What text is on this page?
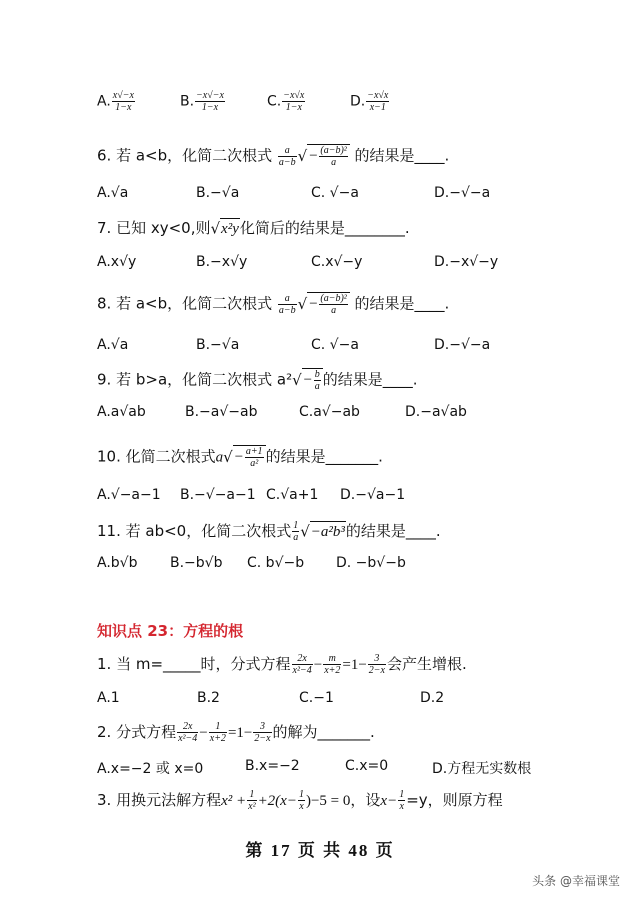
A. $\frac{x√-x}{1-x}$	B. $\frac{-x√-x}{1-x}$	C. $\frac{-x√x}{1-x}$	D. $\frac{-x√x}{x-1}$
6. 若 a<b，化简二次根式 $\frac{a}{a-b}$ √− $\frac{\text{(a−b)²}}{a}$ 的结果是____.
A.√a	B.−√a	C. √−a	D.−√−a
7. 已知 xy<0,则√x²y化简后的结果是________.
A.x√y	B.−x√y	C.x√−y	D.−x√−y
8. 若 a<b，化简二次根式 $\frac{a}{a-b}$ √− $\frac{\text{(a−b)²}}{a}$ 的结果是____.
A.√a	B.−√a	C. √−a	D.−√−a
9. 若 b>a，化简二次根式 $a^2√- \frac{b}{a}$ 的结果是____.
A.a√ab	B.−a√−ab	C.a√−ab	D.−a√ab
10. 化简二次根式$a√- \frac{a+1}{\text{a²}}$ 的结果是_______.
A.√−a−1 B.−√−a−1 C.√a+1 D.−√a−1
11. 若 ab<0，化简二次根式 $\frac{1}{a} √-a^2b^3$的结果是____.
A.b√b B.−b√b C. b√−b D. −b√−b
知识点 23：方程的根
1. 当 m=_____时，分式方程 $\frac{2x}{\text{x²−4}} - \frac{m}{x+2} =1- \frac{3}{2-x}$ 会产生增根.
A.1	B.2	C.−1	D.2
2. 分式方程 $\frac{2x}{\text{x²−4}} - \frac{1}{x+2} =1- \frac{3}{2-x}$ 的解为_______.
A.x=−2 或 x=0	B.x=−2	C.x=0	D.方程无实数根
3. 用换元法解方程$x^2 + \frac{1}{\text{x²}} +2(x- \frac{1}{x} )-5 = 0$，设$x- \frac{1}{x} =y$，则原方程
第 17 页 共 48 页
头条 @幸福课堂
